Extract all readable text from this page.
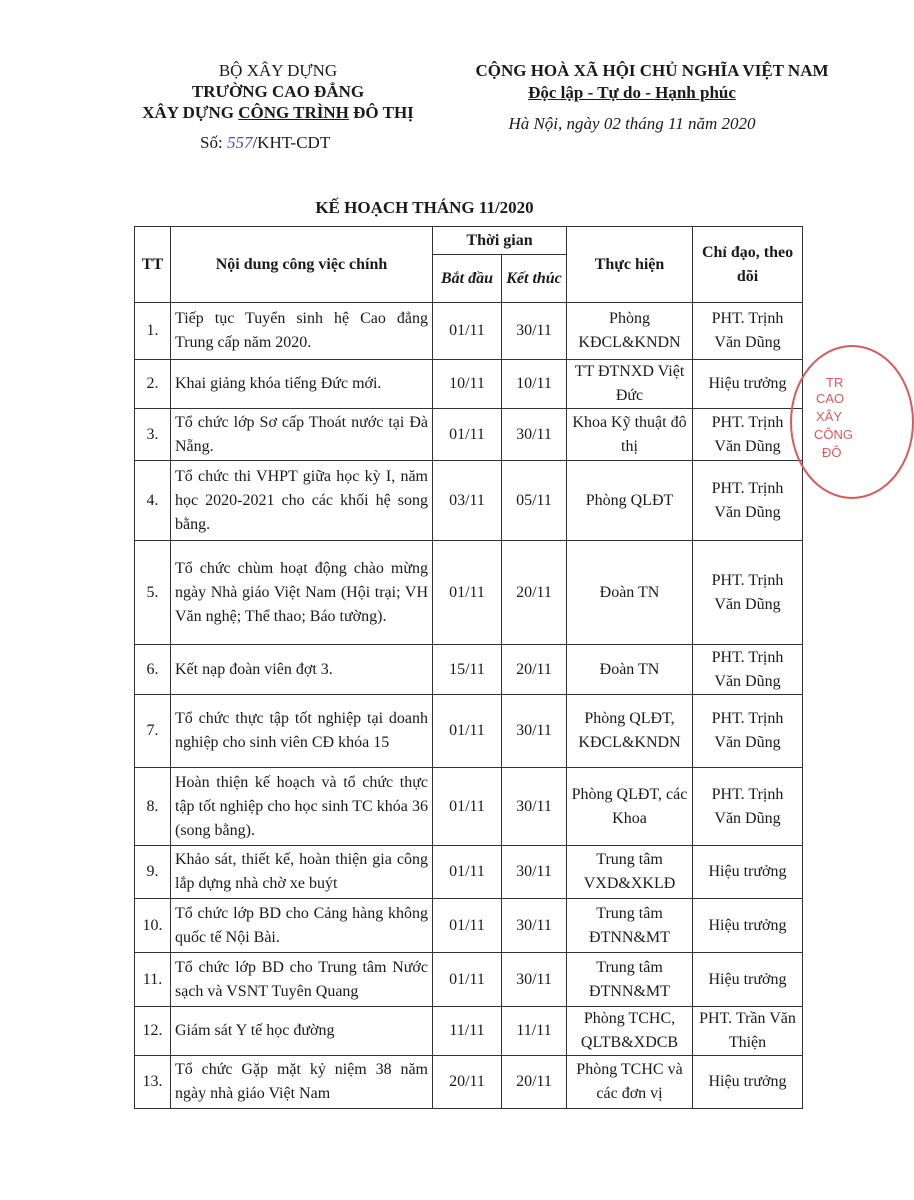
BỘ XÂY DỰNG
TRƯỜNG CAO ĐẲNG
XÂY DỰNG CÔNG TRÌNH ĐÔ THỊ
Số: 557/KHT-CDT
CỘNG HOÀ XÃ HỘI CHỦ NGHĨA VIỆT NAM
Độc lập - Tự do - Hạnh phúc
Hà Nội, ngày 02 tháng 11 năm 2020
KẾ HOẠCH THÁNG 11/2020
TT	Nội dung công việc chính	Thời gian		Thực hiện	Chỉ đạo, theo dõi
		Bắt đầu	Kết thúc		
1.	Tiếp tục Tuyển sinh hệ Cao đẳng Trung cấp năm 2020.	01/11	30/11	Phòng KĐCL&KNDN	PHT. Trịnh Văn Dũng
2.	Khai giảng khóa tiếng Đức mới.	10/11	10/11	TT ĐTNXD Việt Đức	Hiệu trưởng
3.	Tổ chức lớp Sơ cấp Thoát nước tại Đà Nẵng.	01/11	30/11	Khoa Kỹ thuật đô thị	PHT. Trịnh Văn Dũng
4.	Tổ chức thi VHPT giữa học kỳ I, năm học 2020-2021 cho các khối hệ song bằng.	03/11	05/11	Phòng QLĐT	PHT. Trịnh Văn Dũng
5.	Tổ chức chùm hoạt động chào mừng ngày Nhà giáo Việt Nam (Hội trại; VH Văn nghệ; Thể thao; Báo tường).	01/11	20/11	Đoàn TN	PHT. Trịnh Văn Dũng
6.	Kết nạp đoàn viên đợt 3.	15/11	20/11	Đoàn TN	PHT. Trịnh Văn Dũng
7.	Tổ chức thực tập tốt nghiệp tại doanh nghiệp cho sinh viên CĐ khóa 15	01/11	30/11	Phòng QLĐT, KĐCL&KNDN	PHT. Trịnh Văn Dũng
8.	Hoàn thiện kế hoạch và tổ chức thực tập tốt nghiệp cho học sinh TC khóa 36 (song bằng).	01/11	30/11	Phòng QLĐT, các Khoa	PHT. Trịnh Văn Dũng
9.	Khảo sát, thiết kế, hoàn thiện gia công lắp dựng nhà chờ xe buýt	01/11	30/11	Trung tâm VXD&XKLĐ	Hiệu trưởng
10.	Tổ chức lớp BD cho Cảng hàng không quốc tế Nội Bài.	01/11	30/11	Trung tâm ĐTNN&MT	Hiệu trưởng
11.	Tổ chức lớp BD cho Trung tâm Nước sạch và VSNT Tuyên Quang	01/11	30/11	Trung tâm ĐTNN&MT	Hiệu trưởng
12.	Giám sát Y tế học đường	11/11	11/11	Phòng TCHC, QLTB&XDCB	PHT. Trần Văn Thiện
13.	Tổ chức Gặp mặt kỷ niệm 38 năm ngày nhà giáo Việt Nam	20/11	20/11	Phòng TCHC và các đơn vị	Hiệu trưởng
TR
CAO
XÂY
CÔNG
ĐÔ
